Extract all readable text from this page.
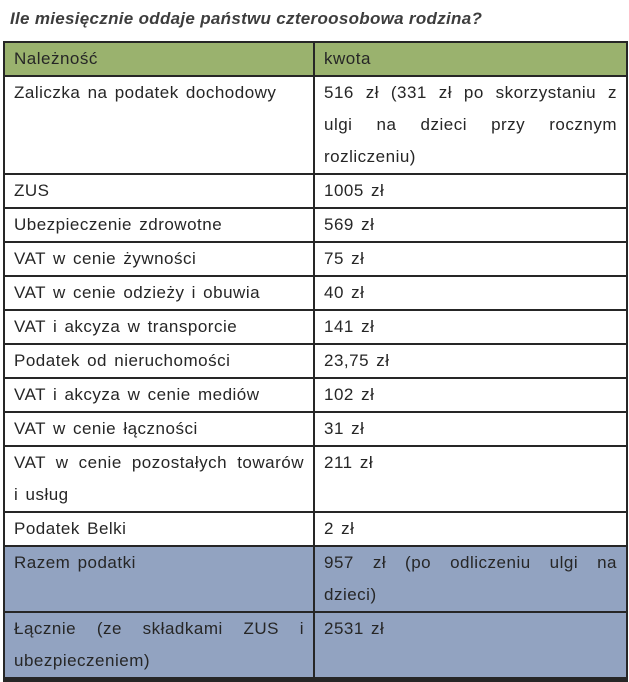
Ile miesięcznie oddaje państwu czteroosobowa rodzina?
Należność	kwota
Zaliczka na podatek dochodowy	516 zł (331 zł po skorzystaniu z ulgi na dzieci przy rocznym rozliczeniu)
ZUS	1005 zł
Ubezpieczenie zdrowotne	569 zł
VAT w cenie żywności	75 zł
VAT w cenie odzieży i obuwia	40 zł
VAT i akcyza w transporcie	141 zł
Podatek od nieruchomości	23,75 zł
VAT i akcyza w cenie mediów	102 zł
VAT w cenie łączności	31 zł
VAT w cenie pozostałych towarów i usług	211 zł
Podatek Belki	2 zł
Razem podatki	957 zł (po odliczeniu ulgi na dzieci)
Łącznie (ze składkami ZUS i ubezpieczeniem)	2531 zł
